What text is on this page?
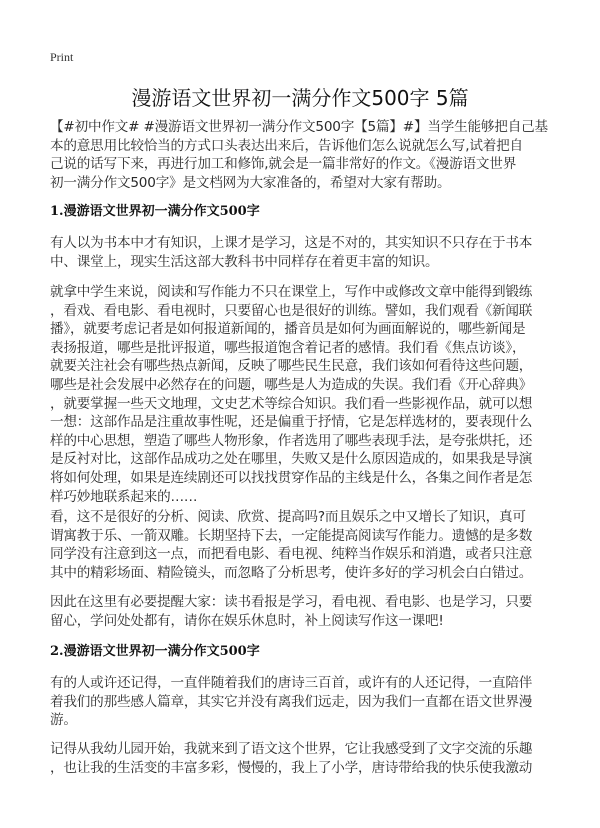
Print
漫游语文世界初一满分作文500字 5篇
【#初中作文# #漫游语文世界初一满分作文500字【5篇】#】当学生能够把自己基
本的意思用比较恰当的方式口头表达出来后，告诉他们怎么说就怎么写,试着把自
己说的话写下来，再进行加工和修饰,就会是一篇非常好的作文。《漫游语文世界
初一满分作文500字》是文档网为大家准备的，希望对大家有帮助。
1.漫游语文世界初一满分作文500字
有人以为书本中才有知识，上课才是学习，这是不对的，其实知识不只存在于书本
中、课堂上，现实生活这部大教科书中同样存在着更丰富的知识。
就拿中学生来说，阅读和写作能力不只在课堂上，写作中或修改文章中能得到锻练
，看戏、看电影、看电视时，只要留心也是很好的训练。譬如，我们观看《新闻联
播》，就要考虑记者是如何报道新闻的，播音员是如何为画面解说的，哪些新闻是
表扬报道，哪些是批评报道，哪些报道饱含着记者的感情。我们看《焦点访谈》，
就要关注社会有哪些热点新闻，反映了哪些民生民意，我们该如何看待这些问题，
哪些是社会发展中必然存在的问题，哪些是人为造成的失误。我们看《开心辞典》
，就要掌握一些天文地理，文史艺术等综合知识。我们看一些影视作品，就可以想
一想：这部作品是注重故事性呢，还是偏重于抒情，它是怎样选材的，要表现什么
样的中心思想，塑造了哪些人物形象，作者选用了哪些表现手法，是夸张烘托，还
是反衬对比，这部作品成功之处在哪里，失败又是什么原因造成的，如果我是导演
将如何处理，如果是连续剧还可以找找贯穿作品的主线是什么，各集之间作者是怎
样巧妙地联系起来的……
看，这不是很好的分析、阅读、欣赏、提高吗?而且娱乐之中又增长了知识，真可
谓寓教于乐、一箭双雕。长期坚持下去，一定能提高阅读写作能力。遗憾的是多数
同学没有注意到这一点，而把看电影、看电视、纯粹当作娱乐和消遣，或者只注意
其中的精彩场面、精险镜头，而忽略了分析思考，使许多好的学习机会白白错过。
因此在这里有必要提醒大家：读书看报是学习，看电视、看电影、也是学习，只要
留心，学问处处都有，请你在娱乐休息时，补上阅读写作这一课吧!
2.漫游语文世界初一满分作文500字
有的人或许还记得，一直伴随着我们的唐诗三百首，或许有的人还记得，一直陪伴
着我们的那些感人篇章，其实它并没有离我们远走，因为我们一直都在语文世界漫
游。
记得从我幼儿园开始，我就来到了语文这个世界，它让我感受到了文字交流的乐趣
，也让我的生活变的丰富多彩，慢慢的，我上了小学，唐诗带给我的快乐使我激动
